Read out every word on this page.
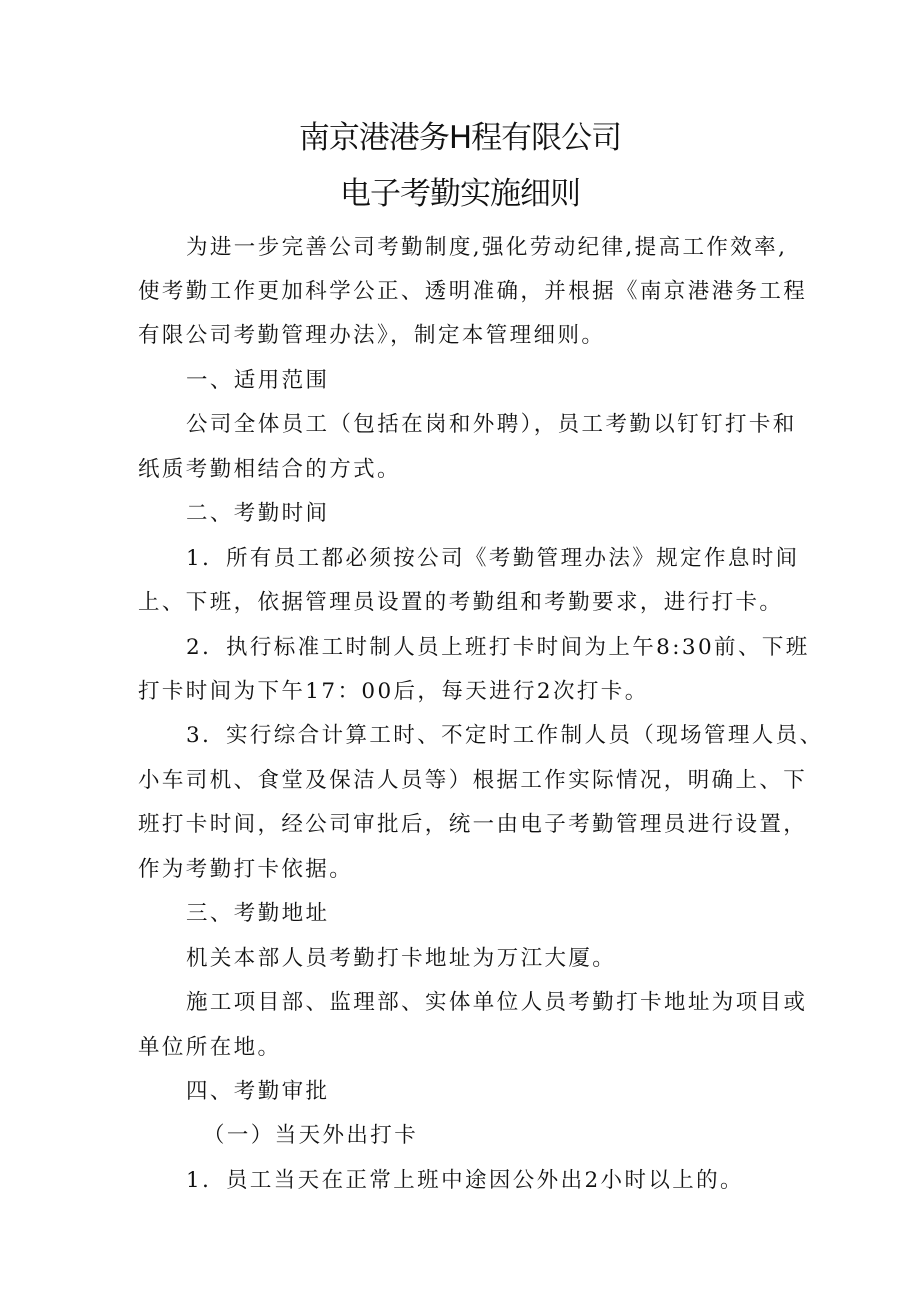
南京港港务H程有限公司
电子考勤实施细则
为进一步完善公司考勤制度,强化劳动纪律,提高工作效率,
使考勤工作更加科学公正、透明准确，并根据《南京港港务工程
有限公司考勤管理办法》，制定本管理细则。
一、适用范围
公司全体员工（包括在岗和外聘），员工考勤以钉钉打卡和
纸质考勤相结合的方式。
二、考勤时间
1．所有员工都必须按公司《考勤管理办法》规定作息时间
上、下班，依据管理员设置的考勤组和考勤要求，进行打卡。
2．执行标准工时制人员上班打卡时间为上午8:30前、下班
打卡时间为下午17：00后，每天进行2次打卡。
3．实行综合计算工时、不定时工作制人员（现场管理人员、
小车司机、食堂及保洁人员等）根据工作实际情况，明确上、下
班打卡时间，经公司审批后，统一由电子考勤管理员进行设置，
作为考勤打卡依据。
三、考勤地址
机关本部人员考勤打卡地址为万江大厦。
施工项目部、监理部、实体单位人员考勤打卡地址为项目或
单位所在地。
四、考勤审批
（一）当天外出打卡
1．员工当天在正常上班中途因公外出2小时以上的。
